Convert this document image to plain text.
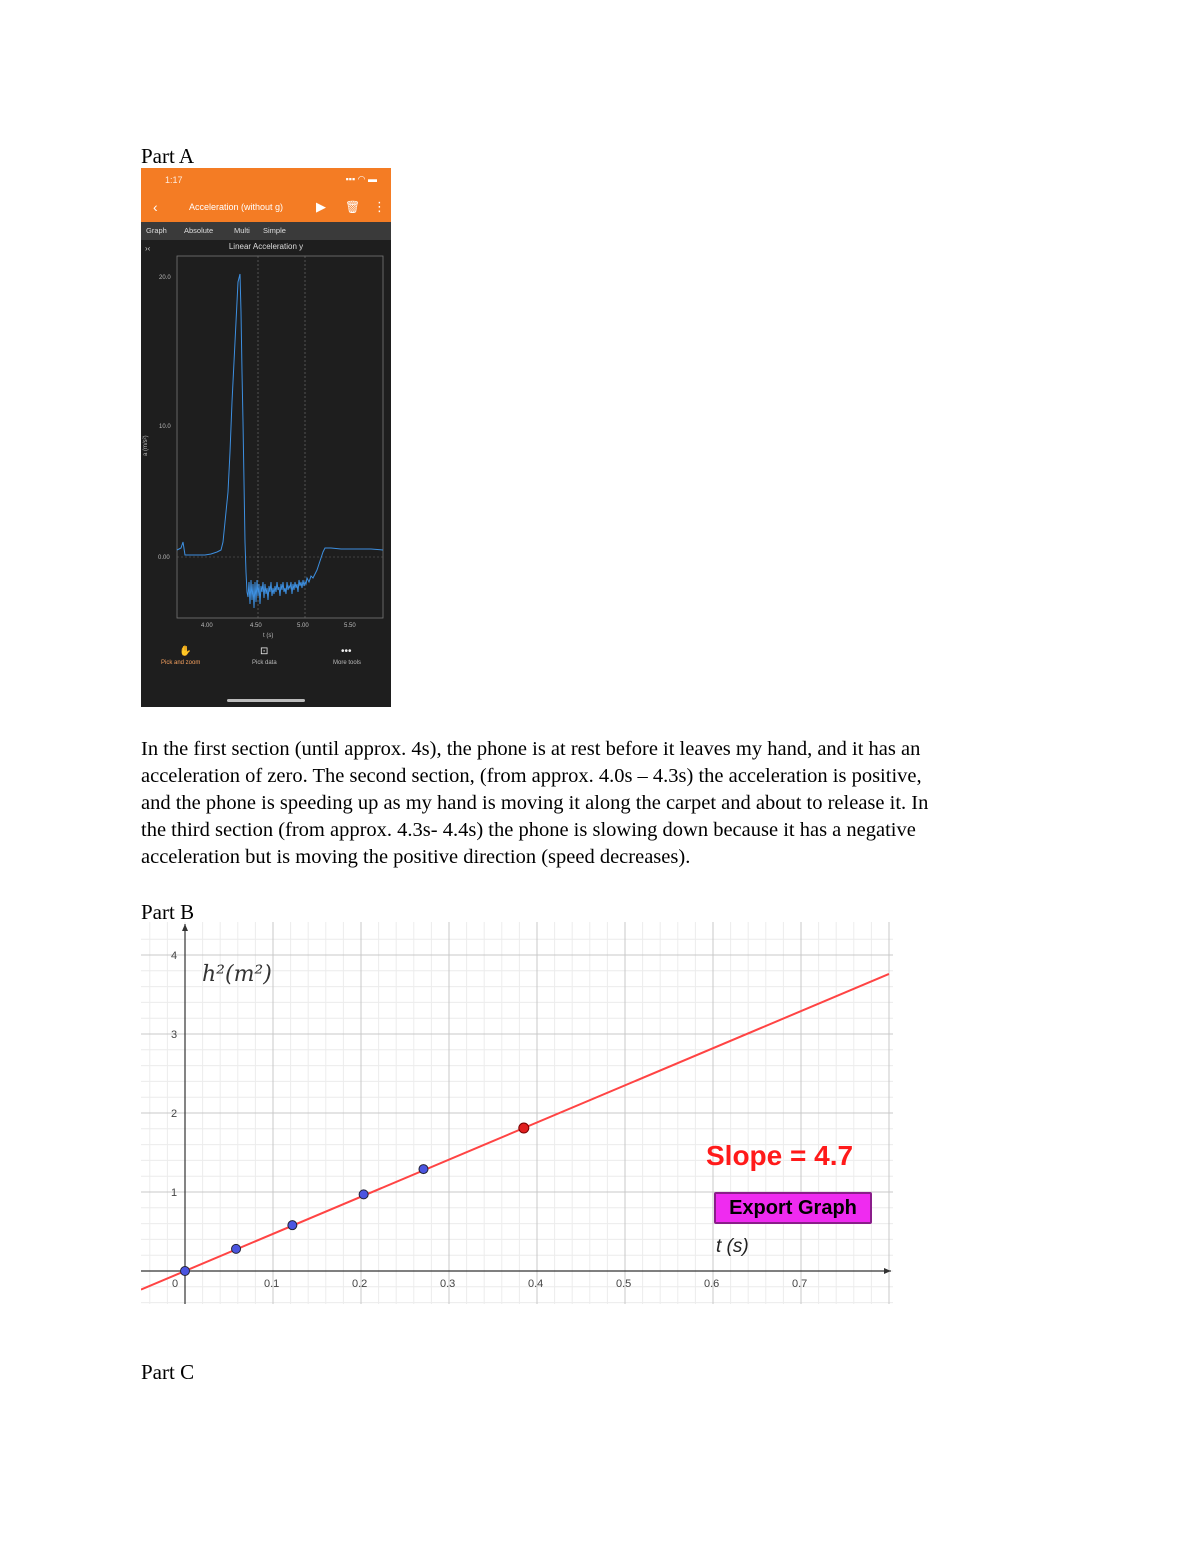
Part A
1:17	▪▪▪ ◠ ▬
‹	Acceleration (without g)	▶ 🗑 ⋮
Graph Absolute	Multi Simple
›‹	Linear Acceleration y
20.0
10.0
0.00
4.00	4.50	5.00	5.50
t (s)
a (m/s²)
✋	⊡	•••
Pick and zoom	Pick data	More tools

In the first section (until approx. 4s), the phone is at rest before it leaves my hand, and it has an

acceleration of zero. The second section, (from approx. 4.0s – 4.3s) the acceleration is positive,

and the phone is speeding up as my hand is moving it along the carpet and about to release it. In

the third section (from approx. 4.3s- 4.4s) the phone is slowing down because it has a negative

acceleration but is moving the positive direction (speed decreases).

Part B
0	0.1	0.2	0.3	0.4	0.5	0.6	0.7
1
2
3
4
h²(m²)
Slope = 4.7
Export Graph
t (s)
Part C
